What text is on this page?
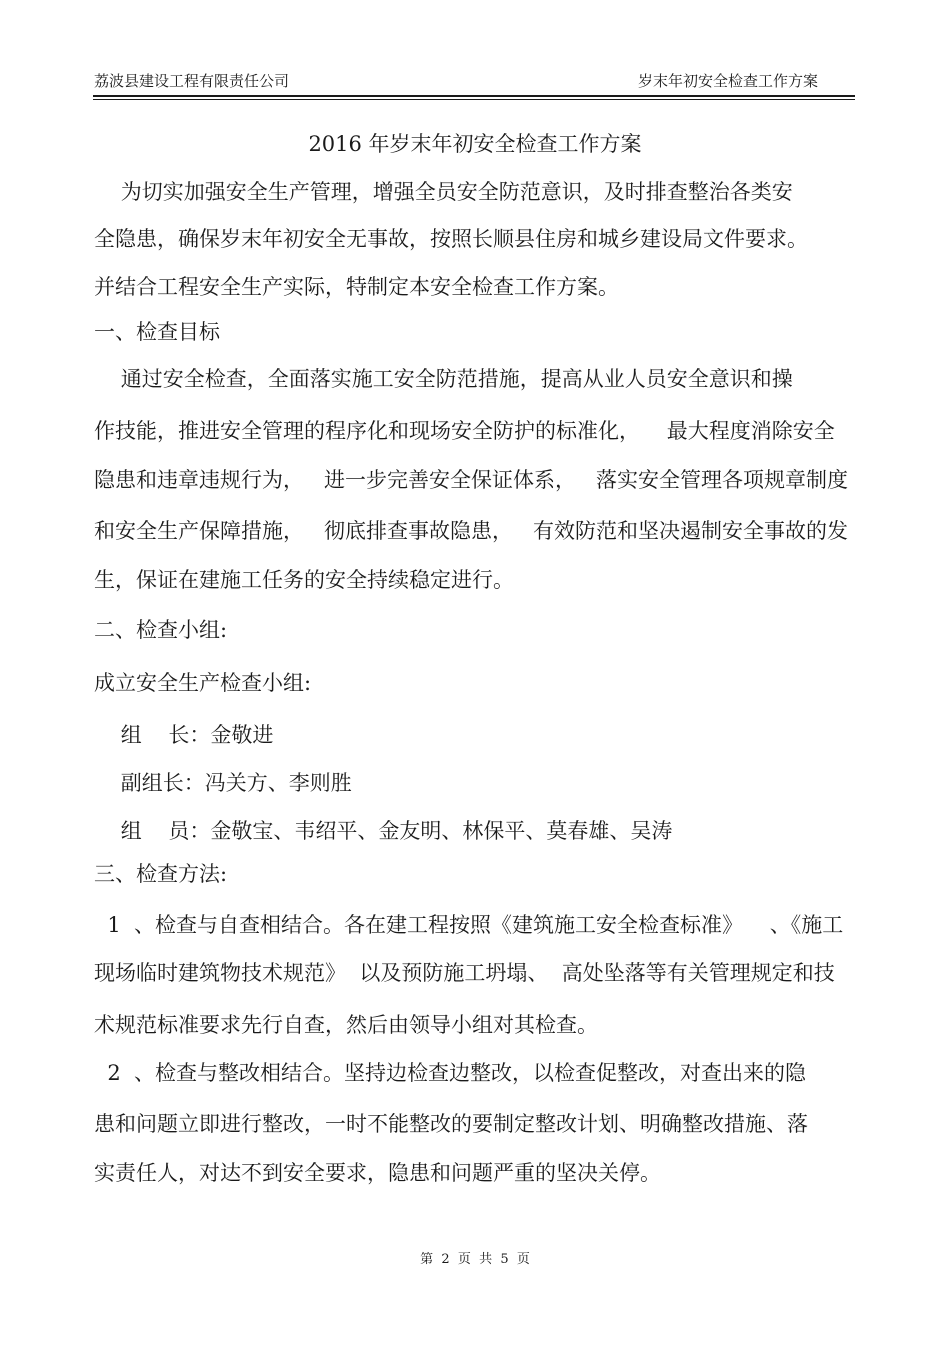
荔波县建设工程有限责任公司	岁末年初安全检查工作方案
2016 年岁末年初安全检查工作方案
为切实加强安全生产管理，增强全员安全防范意识，及时排查整治各类安
全隐患，确保岁末年初安全无事故，按照长顺县住房和城乡建设局文件要求。
并结合工程安全生产实际，特制定本安全检查工作方案。
一、检查目标
通过安全检查，全面落实施工安全防范措施，提高从业人员安全意识和操
作技能，推进安全管理的程序化和现场安全防护的标准化，    最大程度消除安全
隐患和违章违规行为，   进一步完善安全保证体系，   落实安全管理各项规章制度
和安全生产保障措施，   彻底排查事故隐患，   有效防范和坚决遏制安全事故的发
生，保证在建施工任务的安全持续稳定进行。
二、检查小组:
成立安全生产检查小组:
组    长：金敬进
副组长：冯关方、李则胜
组    员：金敬宝、韦绍平、金友明、林保平、莫春雄、吴涛
三、检查方法:
1  、检查与自查相结合。各在建工程按照《建筑施工安全检查标准》    、《施工
现场临时建筑物技术规范》  以及预防施工坍塌、  高处坠落等有关管理规定和技
术规范标准要求先行自查，然后由领导小组对其检查。
2  、检查与整改相结合。坚持边检查边整改，以检查促整改，对查出来的隐
患和问题立即进行整改，一时不能整改的要制定整改计划、明确整改措施、落
实责任人，对达不到安全要求，隐患和问题严重的坚决关停。
第  2  页  共  5  页
